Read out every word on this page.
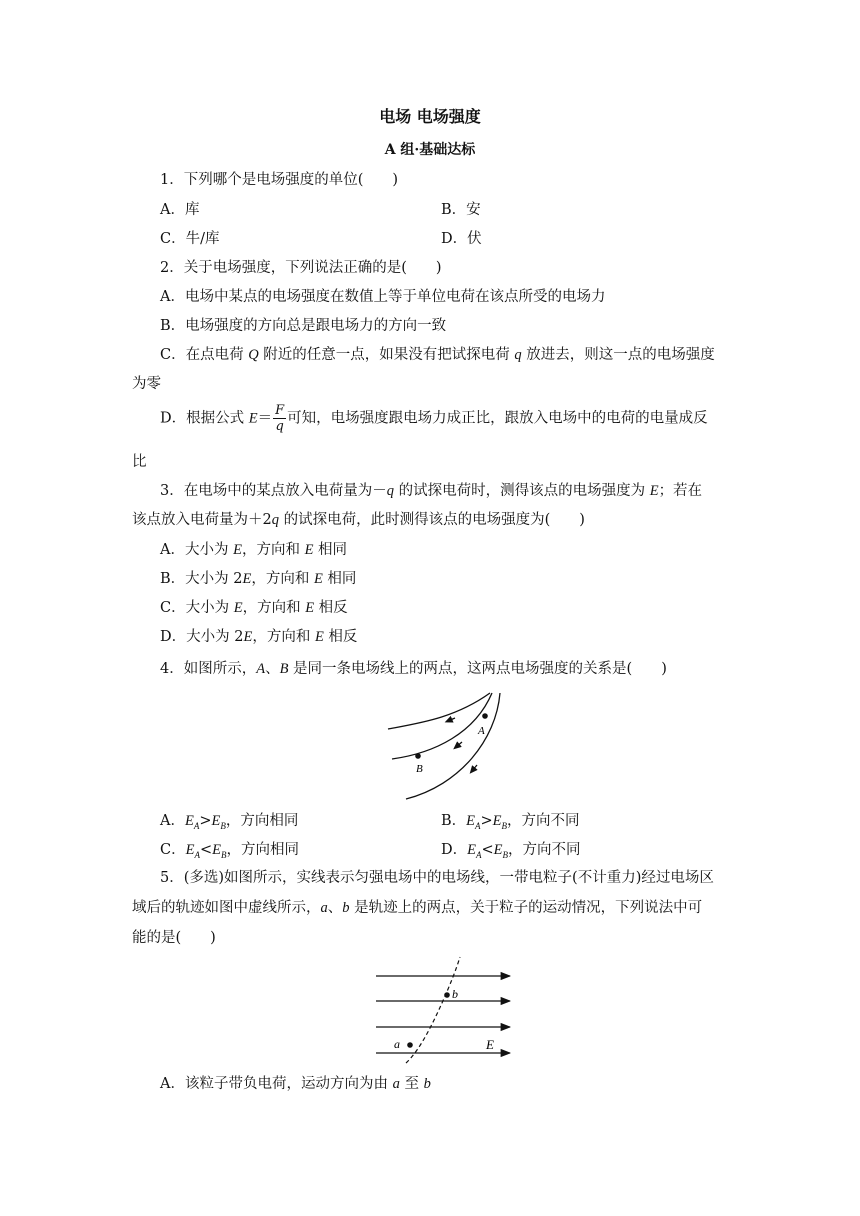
电场 电场强度
A 组·基础达标
1．下列哪个是电场强度的单位(　　)
A．库	B．安
C．牛/库	D．伏
2．关于电场强度，下列说法正确的是(　　)
A．电场中某点的电场强度在数值上等于单位电荷在该点所受的电场力
B．电场强度的方向总是跟电场力的方向一致
C．在点电荷 Q 附近的任意一点，如果没有把试探电荷 q 放进去，则这一点的电场强度
为零
D．根据公式 $E= \frac{F}{q}$ 可知，电场强度跟电场力成正比，跟放入电场中的电荷的电量成反
比
3．在电场中的某点放入电荷量为－q 的试探电荷时，测得该点的电场强度为 E；若在
该点放入电荷量为＋2q 的试探电荷，此时测得该点的电场强度为(　　)
A．大小为 E，方向和 E 相同
B．大小为 2E，方向和 E 相同
C．大小为 E，方向和 E 相反
D．大小为 2E，方向和 E 相反
4．如图所示，A、B 是同一条电场线上的两点，这两点电场强度的关系是(　　)
A
B
A．$E_A>E_B$，方向相同	B．$E_A>E_B$，方向不同
C．$E_A<E_B$，方向相同	D．$E_A<E_B$，方向不同
5．(多选)如图所示，实线表示匀强电场中的电场线，一带电粒子(不计重力)经过电场区
域后的轨迹如图中虚线所示，a、b 是轨迹上的两点，关于粒子的运动情况，下列说法中可
能的是(　　)
a
b
E
A．该粒子带负电荷，运动方向为由 a 至 b
